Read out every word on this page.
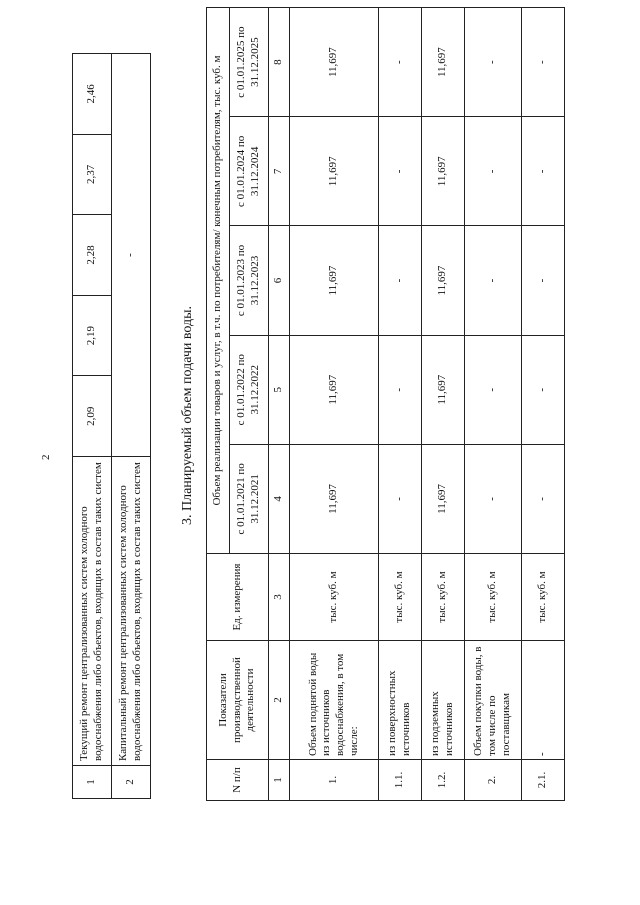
2
1	Текущий ремонт централизованных систем холодного водоснабжения либо объектов, входящих в состав таких систем	2,09	2,19	2,28	2,37	2,46
2	Капитальный ремонт централизованных систем холодного водоснабжения либо объектов, входящих в состав таких систем	-				
3. Планируемый объем подачи воды.
N п/п	Показатели производственной деятельности	Ед. измерения	Объем реализации товаров и услуг, в т.ч. по потребителям/ конечным потребителям, тыс. куб. м				
			с 01.01.2021 по 31.12.2021	с 01.01.2022 по 31.12.2022	с 01.01.2023 по 31.12.2023	с 01.01.2024 по 31.12.2024	с 01.01.2025 по 31.12.2025
1	2	3	4	5	6	7	8
1.	Объем поднятой воды из источников водоснабжения, в том числе:	тыс. куб. м	11,697	11,697	11,697	11,697	11,697
1.1.	из поверхностных источников	тыс. куб. м	-	-	-	-	-
1.2.	из подземных источников	тыс. куб. м	11,697	11,697	11,697	11,697	11,697
2.	Объем покупки воды, в том числе по поставщикам	тыс. куб. м	-	-	-	-	-
2.1.	-	тыс. куб. м	-	-	-	-	-
